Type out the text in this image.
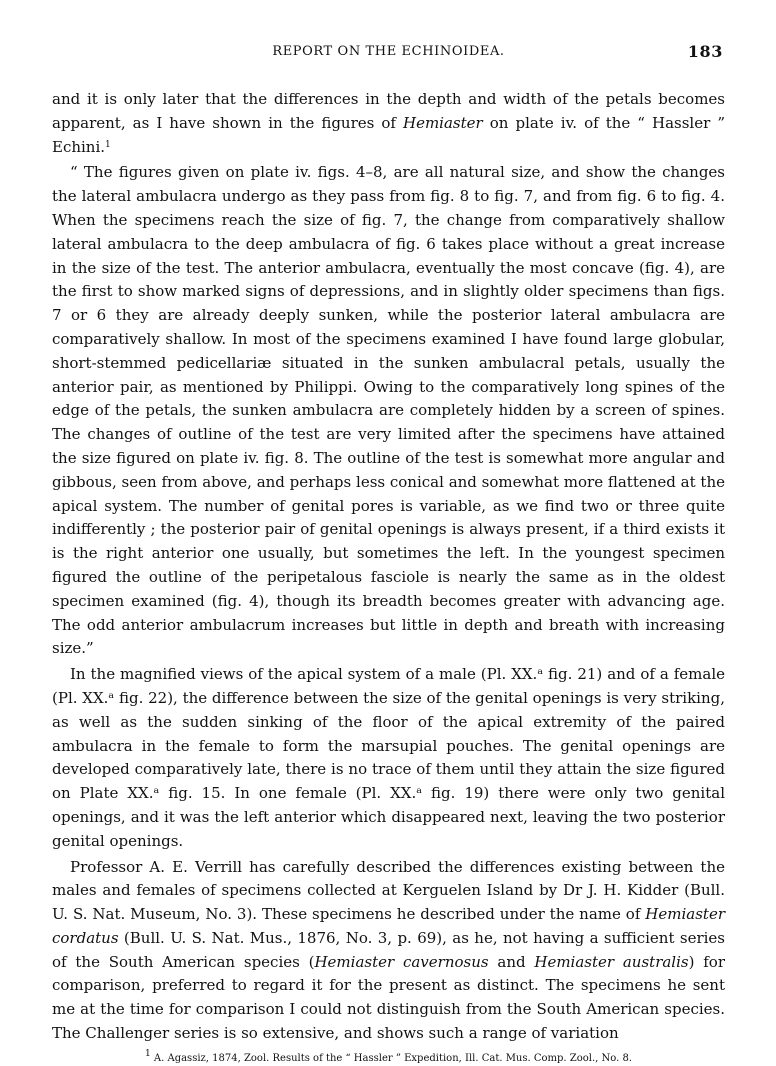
REPORT ON THE ECHINOIDEA.	183

and it is only later that the differences in the depth and width of the petals becomes apparent, as I have shown in the figures of Hemiaster on plate iv. of the “ Hassler ” Echini.$^1$

“ The figures given on plate iv. figs. 4–8, are all natural size, and show the changes the lateral ambulacra undergo as they pass from fig. 8 to fig. 7, and from fig. 6 to fig. 4. When the specimens reach the size of fig. 7, the change from comparatively shallow lateral ambulacra to the deep ambulacra of fig. 6 takes place without a great increase in the size of the test. The anterior ambulacra, eventually the most concave (fig. 4), are the first to show marked signs of depressions, and in slightly older specimens than figs. 7 or 6 they are already deeply sunken, while the posterior lateral ambulacra are comparatively shallow. In most of the specimens examined I have found large globular, short-stemmed pedicellariæ situated in the sunken ambulacral petals, usually the anterior pair, as mentioned by Philippi. Owing to the comparatively long spines of the edge of the petals, the sunken ambulacra are completely hidden by a screen of spines. The changes of outline of the test are very limited after the specimens have attained the size figured on plate iv. fig. 8. The outline of the test is somewhat more angular and gibbous, seen from above, and perhaps less conical and somewhat more flattened at the apical system. The number of genital pores is variable, as we find two or three quite indifferently ; the posterior pair of genital openings is always present, if a third exists it is the right anterior one usually, but sometimes the left. In the youngest specimen figured the outline of the peripetalous fasciole is nearly the same as in the oldest specimen examined (fig. 4), though its breadth becomes greater with advancing age. The odd anterior ambulacrum increases but little in depth and breath with increasing size.”

In the magnified views of the apical system of a male (Pl. XX.ᵃ fig. 21) and of a female (Pl. XX.ᵃ fig. 22), the difference between the size of the genital openings is very striking, as well as the sudden sinking of the floor of the apical extremity of the paired ambulacra in the female to form the marsupial pouches. The genital openings are developed comparatively late, there is no trace of them until they attain the size figured on Plate XX.ᵃ fig. 15. In one female (Pl. XX.ᵃ fig. 19) there were only two genital openings, and it was the left anterior which disappeared next, leaving the two posterior genital openings.

Professor A. E. Verrill has carefully described the differences existing between the males and females of specimens collected at Kerguelen Island by Dr J. H. Kidder (Bull. U. S. Nat. Museum, No. 3). These specimens he described under the name of Hemiaster cordatus (Bull. U. S. Nat. Mus., 1876, No. 3, p. 69), as he, not having a sufficient series of the South American species (Hemiaster cavernosus and Hemiaster australis) for comparison, preferred to regard it for the present as distinct. The specimens he sent me at the time for comparison I could not distinguish from the South American species. The Challenger series is so extensive, and shows such a range of variation

$^1$ A. Agassiz, 1874, Zool. Results of the “ Hassler ” Expedition, Ill. Cat. Mus. Comp. Zool., No. 8.
